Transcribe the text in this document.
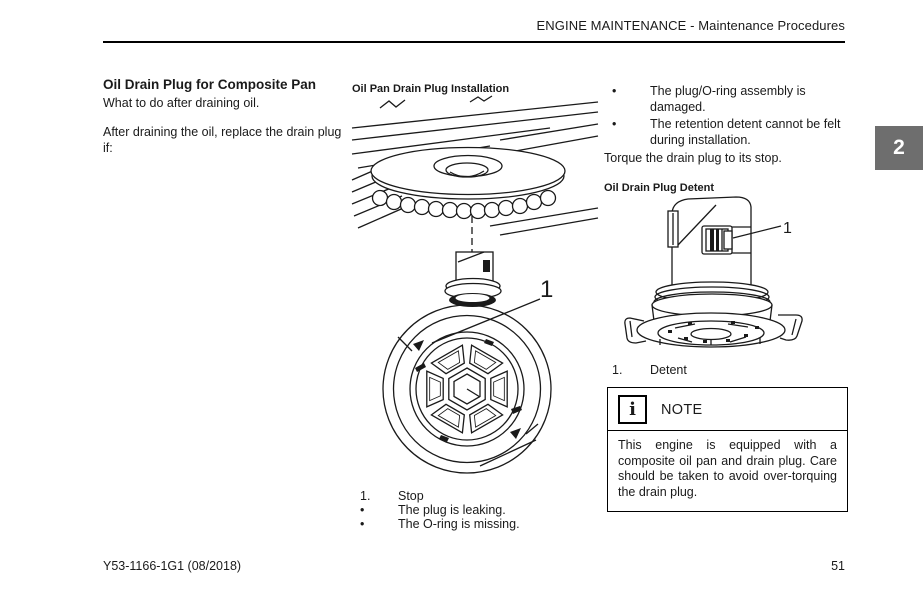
ENGINE MAINTENANCE - Maintenance Procedures
2
Oil Drain Plug for Composite Pan
What to do after draining oil.
After draining the oil, replace the drain plug if:
Oil Pan Drain Plug Installation
1
1.	Stop
•	The plug is leaking.
•	The O-ring is missing.
•	The plug/O-ring assembly is damaged.
•	The retention detent cannot be felt during installation.
Torque the drain plug to its stop.
Oil Drain Plug Detent
1
1.	Detent
i	NOTE
This engine is equipped with a composite oil pan and drain plug. Care should be taken to avoid over-torquing the drain plug.
Y53-1166-1G1 (08/2018)	51
